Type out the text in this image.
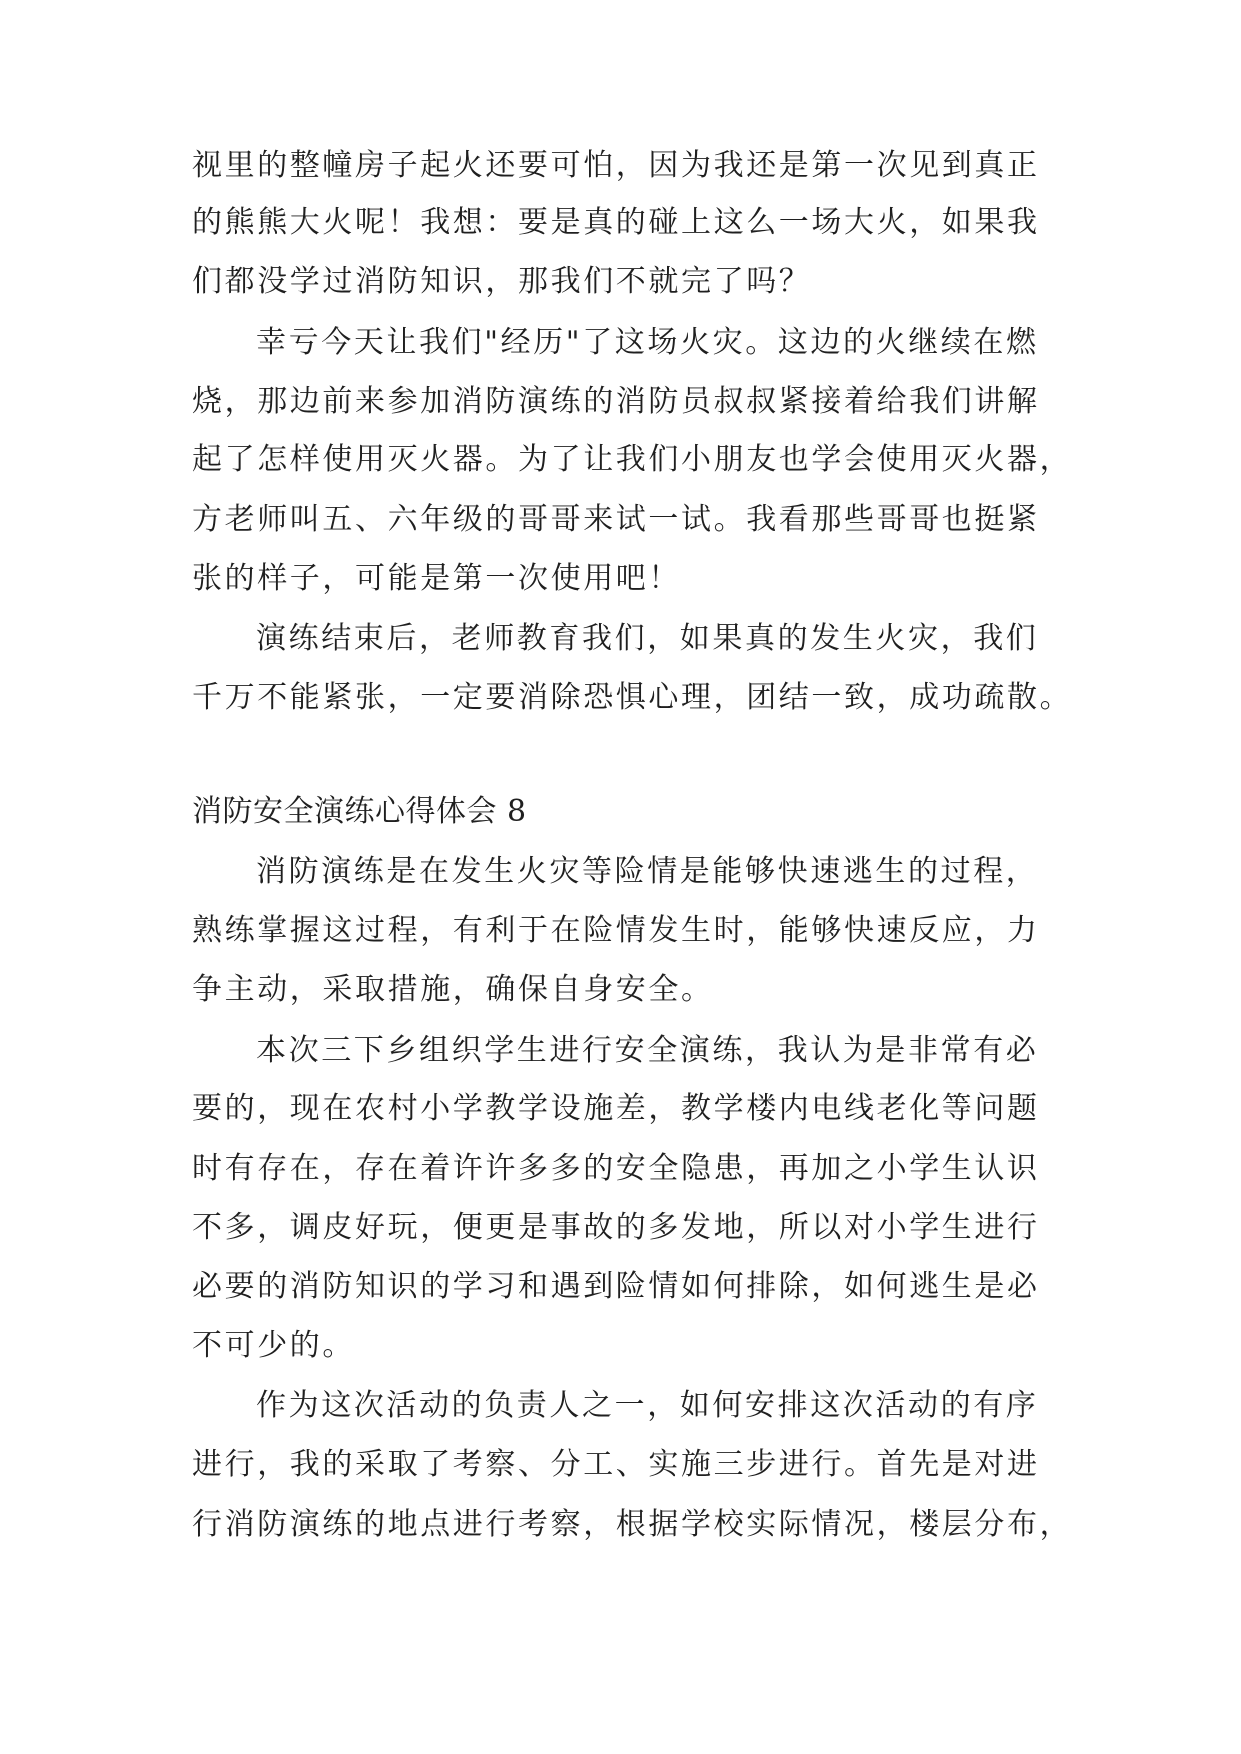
视里的整幢房子起火还要可怕，因为我还是第一次见到真正
的熊熊大火呢！我想：要是真的碰上这么一场大火，如果我
们都没学过消防知识，那我们不就完了吗？
幸亏今天让我们"经历"了这场火灾。这边的火继续在燃
烧，那边前来参加消防演练的消防员叔叔紧接着给我们讲解
起了怎样使用灭火器。为了让我们小朋友也学会使用灭火器，
方老师叫五、六年级的哥哥来试一试。我看那些哥哥也挺紧
张的样子，可能是第一次使用吧！
演练结束后，老师教育我们，如果真的发生火灾，我们
千万不能紧张，一定要消除恐惧心理，团结一致，成功疏散。
消防安全演练心得体会 8
消防演练是在发生火灾等险情是能够快速逃生的过程，
熟练掌握这过程，有利于在险情发生时，能够快速反应，力
争主动，采取措施，确保自身安全。
本次三下乡组织学生进行安全演练，我认为是非常有必
要的，现在农村小学教学设施差，教学楼内电线老化等问题
时有存在，存在着许许多多的安全隐患，再加之小学生认识
不多，调皮好玩，便更是事故的多发地，所以对小学生进行
必要的消防知识的学习和遇到险情如何排除，如何逃生是必
不可少的。
作为这次活动的负责人之一，如何安排这次活动的有序
进行，我的采取了考察、分工、实施三步进行。首先是对进
行消防演练的地点进行考察，根据学校实际情况，楼层分布，
